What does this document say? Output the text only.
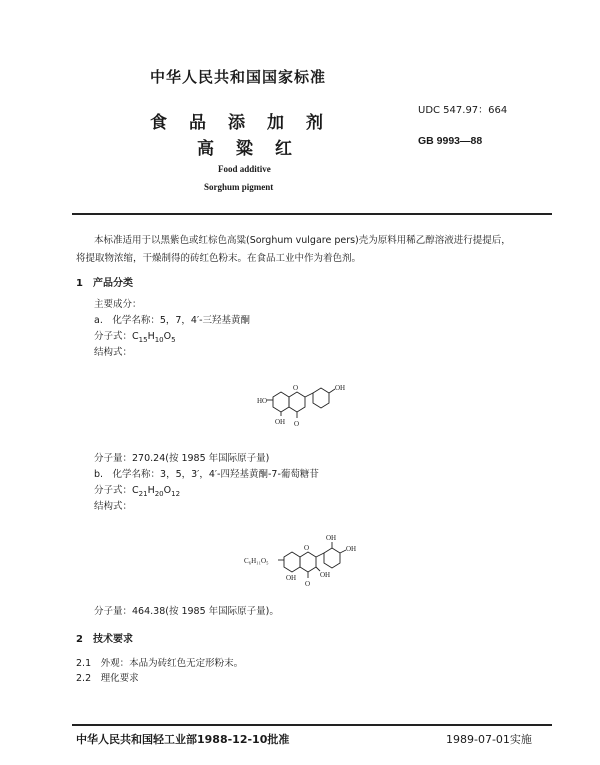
中华人民共和国国家标准
食品添加剂
高粱红
UDC 547.97：664
GB 9993—88
Food additive
Sorghum pigment
本标准适用于以黑紫色或红棕色高粱(Sorghum vulgare pers)壳为原料用稀乙醇溶液进行提提后，
将提取物浓缩，干燥制得的砖红色粉末。在食品工业中作为着色剂。
1　产品分类
主要成分：
a.　化学名称：5，7，4′-三羟基黄酮
分子式：$C_{15}H_{10}O_5$
结构式：
HO
OH
OH
O
O
分子量：270.24(按 1985 年国际原子量)
b.　化学名称：3，5，3′，4′-四羟基黄酮-7-葡萄糖苷
分子式：$C_{21}H_{20}O_{12}$
结构式：
C₆H₁₁O₅
OH
OH
OH
OH
O
O
分子量：464.38(按 1985 年国际原子量)。
2　技术要求
2.1　外观：本品为砖红色无定形粉末。
2.2　理化要求
中华人民共和国轻工业部1988-12-10批准	1989-07-01实施
